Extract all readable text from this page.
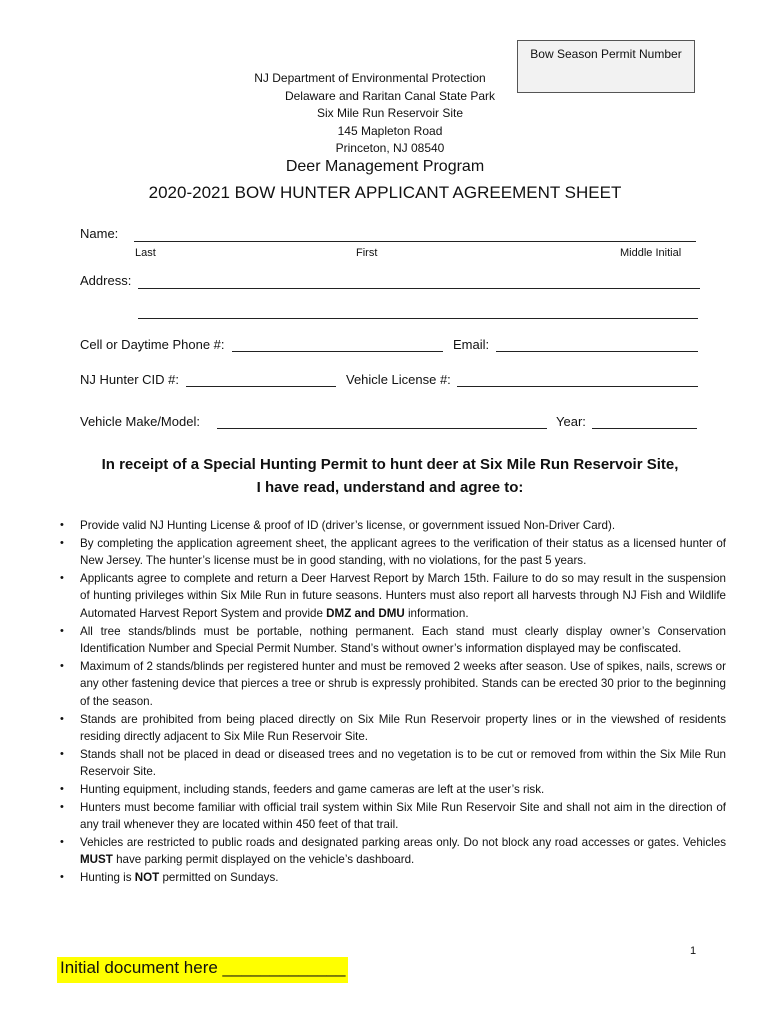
Bow Season Permit Number
NJ Department of Environmental Protection
Delaware and Raritan Canal State Park
Six Mile Run Reservoir Site
145 Mapleton Road
Princeton, NJ 08540
Deer Management Program
2020-2021 BOW HUNTER APPLICANT AGREEMENT SHEET
Name:
Last	First	Middle Initial
Address:
Cell or Daytime Phone #:	Email:
NJ Hunter CID #:	Vehicle License #:
Vehicle Make/Model:	Year:
In receipt of a Special Hunting Permit to hunt deer at Six Mile Run Reservoir Site,
I have read, understand and agree to:
• Provide valid NJ Hunting License & proof of ID (driver’s license, or government issued Non-Driver Card).
• By completing the application agreement sheet, the applicant agrees to the verification of their status as a licensed hunter of New Jersey. The hunter’s license must be in good standing, with no violations, for the past 5 years.
• Applicants agree to complete and return a Deer Harvest Report by March 15th. Failure to do so may result in the suspension of hunting privileges within Six Mile Run in future seasons. Hunters must also report all harvests through NJ Fish and Wildlife Automated Harvest Report System and provide DMZ and DMU information.
• All tree stands/blinds must be portable, nothing permanent. Each stand must clearly display owner’s Conservation Identification Number and Special Permit Number. Stand’s without owner’s information displayed may be confiscated.
• Maximum of 2 stands/blinds per registered hunter and must be removed 2 weeks after season. Use of spikes, nails, screws or any other fastening device that pierces a tree or shrub is expressly prohibited. Stands can be erected 30 prior to the beginning of the season.
• Stands are prohibited from being placed directly on Six Mile Run Reservoir property lines or in the viewshed of residents residing directly adjacent to Six Mile Run Reservoir Site.
• Stands shall not be placed in dead or diseased trees and no vegetation is to be cut or removed from within the Six Mile Run Reservoir Site.
• Hunting equipment, including stands, feeders and game cameras are left at the user’s risk.
• Hunters must become familiar with official trail system within Six Mile Run Reservoir Site and shall not aim in the direction of any trail whenever they are located within 450 feet of that trail.
• Vehicles are restricted to public roads and designated parking areas only. Do not block any road accesses or gates. Vehicles MUST have parking permit displayed on the vehicle’s dashboard.
• Hunting is NOT permitted on Sundays.
1
Initial document here _____________
